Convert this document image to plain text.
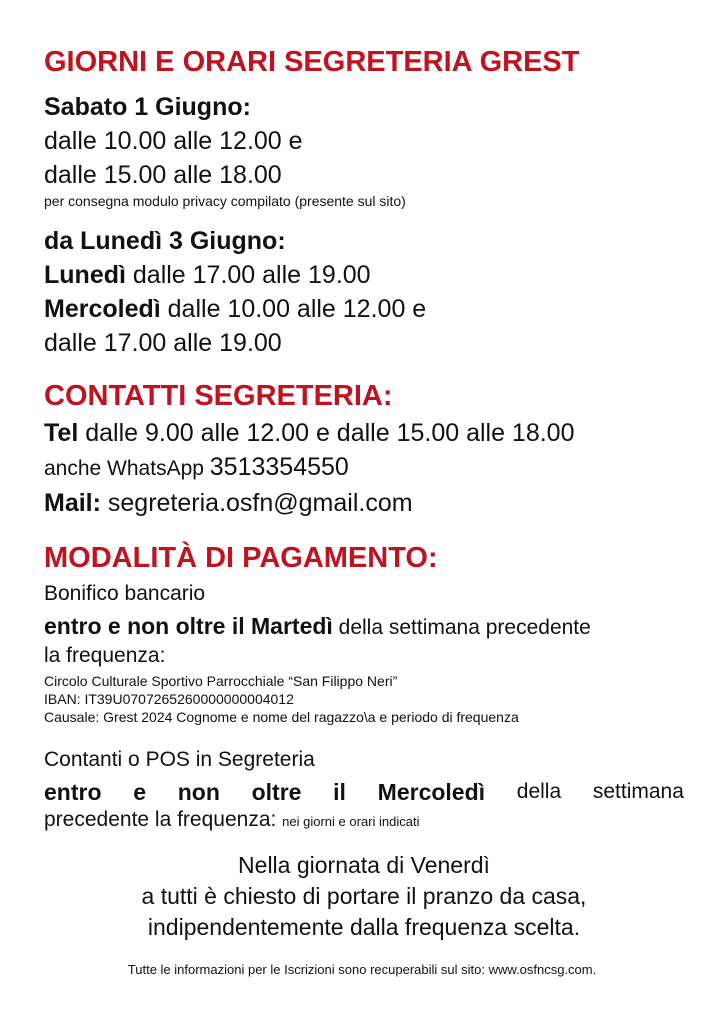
GIORNI E ORARI SEGRETERIA GREST

Sabato 1 Giugno:

dalle 10.00 alle 12.00 e

dalle 15.00 alle 18.00

per consegna modulo privacy compilato (presente sul sito)

da Lunedì 3 Giugno:

Lunedì dalle 17.00 alle 19.00

Mercoledì dalle 10.00 alle 12.00 e

dalle 17.00 alle 19.00

CONTATTI SEGRETERIA:

Tel dalle 9.00 alle 12.00 e dalle 15.00 alle 18.00

anche WhatsApp 3513354550

Mail: segreteria.osfn@gmail.com

MODALITÀ DI PAGAMENTO:

Bonifico bancario

entro e non oltre il Martedì della settimana precedente

la frequenza:

Circolo Culturale Sportivo Parrocchiale “San Filippo Neri”

IBAN: IT39U0707265260000000004012

Causale: Grest 2024 Cognome e nome del ragazzo\a e periodo di frequenza

Contanti o POS in Segreteria

entro e non oltre il Mercoledì della settimana

precedente la frequenza: nei giorni e orari indicati

Nella giornata di Venerdì

a tutti è chiesto di portare il pranzo da casa,

indipendentemente dalla frequenza scelta.

Tutte le informazioni per le Iscrizioni sono recuperabili sul sito: www.osfncsg.com.
